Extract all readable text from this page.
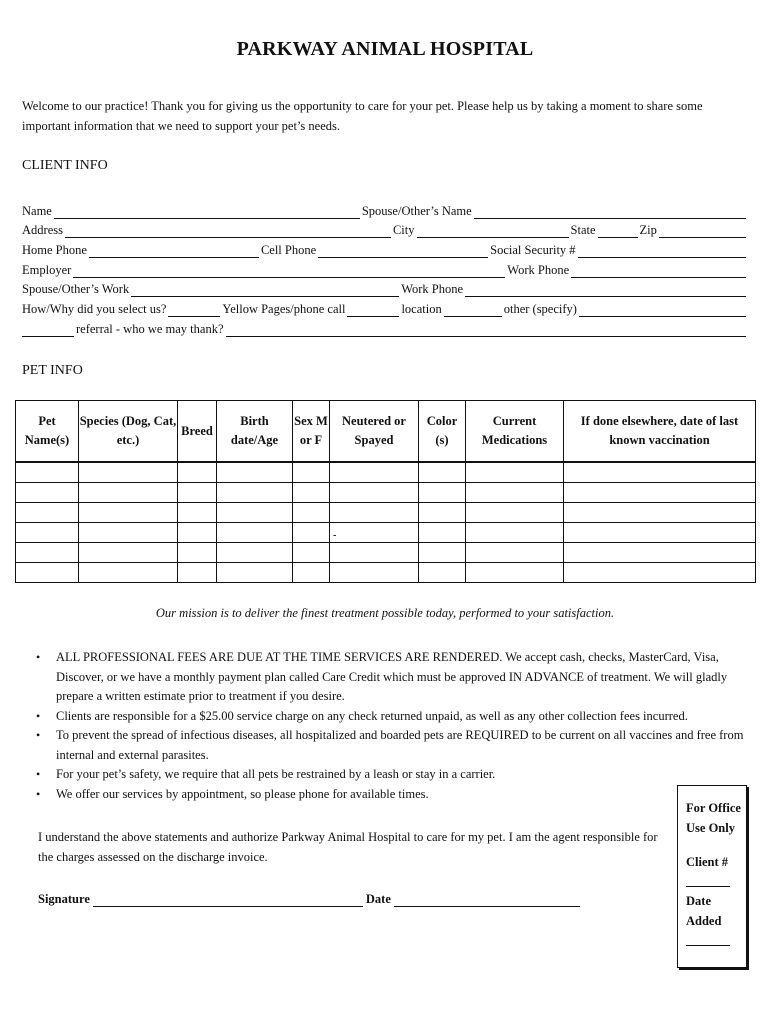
PARKWAY ANIMAL HOSPITAL
Welcome to our practice! Thank you for giving us the opportunity to care for your pet. Please help us by taking a moment to share some important information that we need to support your pet’s needs.
CLIENT INFO
Name	Spouse/Other’s Name
Address	City	State	Zip
Home Phone	Cell Phone	Social Security #
Employer	Work Phone
Spouse/Other’s Work	Work Phone
How/Why did you select us?	Yellow Pages/phone call	location	other (specify)
referral - who we may thank?
PET INFO
Pet Name(s)	Species (Dog, Cat, etc.)	Breed	Birth date/Age	Sex M or F	Neutered or Spayed	Color (s)	Current Medications	If done elsewhere, date of last known vaccination

-
Our mission is to deliver the finest treatment possible today, performed to your satisfaction.
• ALL PROFESSIONAL FEES ARE DUE AT THE TIME SERVICES ARE RENDERED. We accept cash, checks, MasterCard, Visa, Discover, or we have a monthly payment plan called Care Credit which must be approved IN ADVANCE of treatment. We will gladly prepare a written estimate prior to treatment if you desire.
• Clients are responsible for a $25.00 service charge on any check returned unpaid, as well as any other collection fees incurred.
• To prevent the spread of infectious diseases, all hospitalized and boarded pets are REQUIRED to be current on all vaccines and free from internal and external parasites.
• For your pet’s safety, we require that all pets be restrained by a leash or stay in a carrier.
• We offer our services by appointment, so please phone for available times.
I understand the above statements and authorize Parkway Animal Hospital to care for my pet. I am the agent responsible for the charges assessed on the discharge invoice.
Signature	Date
For Office
Use Only
Client #
Date
Added
